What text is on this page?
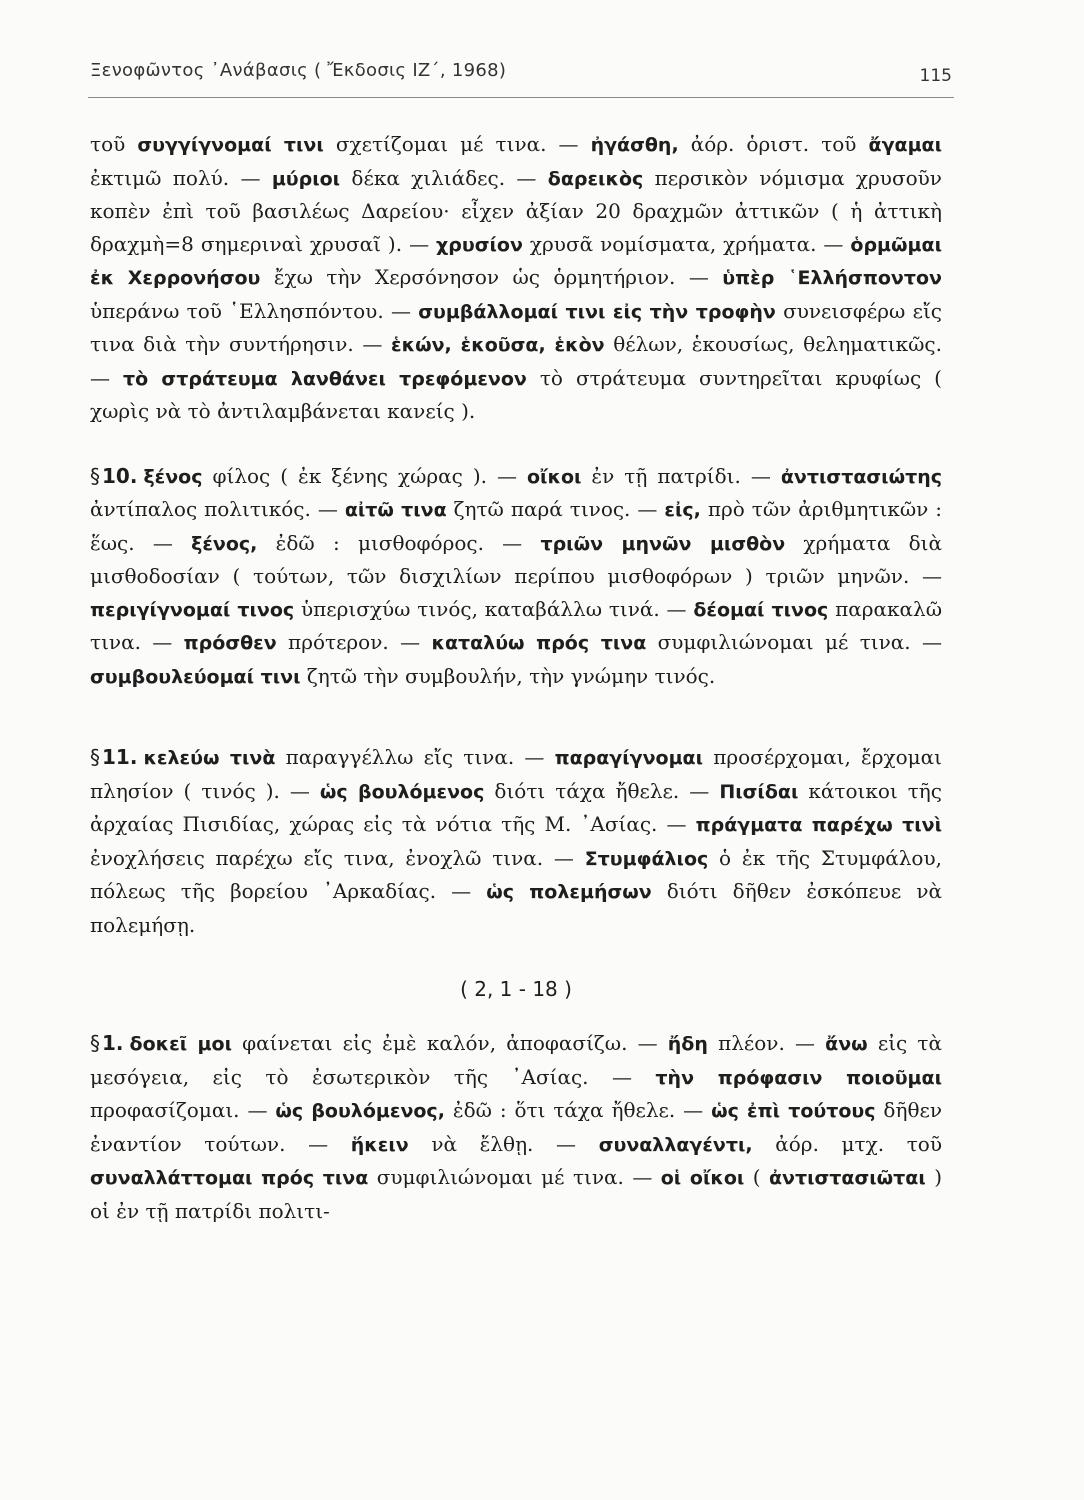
Ξενοφῶντος ᾿Ανάβασις ( Ἔκδοσις ΙΖ΄, 1968)	115

τοῦ συγγίγνομαί τινι σχετίζομαι μέ τινα. — ἠγάσθη, ἀόρ. ὁριστ. τοῦ ἄγαμαι ἐκτιμῶ πολύ. — μύριοι δέκα χιλιάδες. — δαρεικὸς περσικὸν νόμισμα χρυσοῦν κοπὲν ἐπὶ τοῦ βασιλέως Δαρείου· εἶχεν ἀξίαν 20 δραχμῶν ἀττικῶν ( ἡ ἀττικὴ δραχμὴ=8 σημεριναὶ χρυσαῖ ). — χρυσίον χρυσᾶ νομίσματα, χρήματα. — ὁρμῶμαι ἐκ Χερρονήσου ἔχω τὴν Χερσόνησον ὡς ὁρμητήριον. — ὑπὲρ ῾Ελλήσποντον ὑπεράνω τοῦ ῾Ελλησπόντου. — συμβάλλομαί τινι εἰς τὴν τροφὴν συνεισφέρω εἴς τινα διὰ τὴν συντήρησιν. — ἑκών, ἑκοῦσα, ἑκὸν θέλων, ἑκουσίως, θεληματικῶς. — τὸ στράτευμα λανθάνει τρεφόμενον τὸ στράτευμα συντηρεῖται κρυφίως ( χωρὶς νὰ τὸ ἀντιλαμβάνεται κανείς ).

§ 10. ξένος φίλος ( ἐκ ξένης χώρας ). — οἴκοι ἐν τῇ πατρίδι. — ἀντιστασιώτης ἀντίπαλος πολιτικός. — αἰτῶ τινα ζητῶ παρά τινος. — εἰς, πρὸ τῶν ἀριθμητικῶν : ἕως. — ξένος, ἐδῶ : μισθοφόρος. — τριῶν μηνῶν μισθὸν χρήματα διὰ μισθοδοσίαν ( τούτων, τῶν δισχιλίων περίπου μισθοφόρων ) τριῶν μηνῶν. — περιγίγνομαί τινος ὑπερισχύω τινός, καταβάλλω τινά. — δέομαί τινος παρακαλῶ τινα. — πρόσθεν πρότερον. — καταλύω πρός τινα συμφιλιώνομαι μέ τινα. — συμβουλεύομαί τινι ζητῶ τὴν συμβουλήν, τὴν γνώμην τινός.

§ 11. κελεύω τινὰ παραγγέλλω εἴς τινα. — παραγίγνομαι προσέρχομαι, ἔρχομαι πλησίον ( τινός ). — ὡς βουλόμενος διότι τάχα ἤθελε. — Πισίδαι κάτοικοι τῆς ἀρχαίας Πισιδίας, χώρας εἰς τὰ νότια τῆς Μ. ᾿Ασίας. — πράγματα παρέχω τινὶ ἐνοχλήσεις παρέχω εἴς τινα, ἐνοχλῶ τινα. — Στυμφάλιος ὁ ἐκ τῆς Στυμφάλου, πόλεως τῆς βορείου ᾿Αρκαδίας. — ὡς πολεμήσων διότι δῆθεν ἐσκόπευε νὰ πολεμήσῃ.

( 2, 1 - 18 )

§ 1. δοκεῖ μοι φαίνεται εἰς ἐμὲ καλόν, ἀποφασίζω. — ἤδη πλέον. — ἄνω εἰς τὰ μεσόγεια, εἰς τὸ ἐσωτερικὸν τῆς ᾿Ασίας. — τὴν πρόφασιν ποιοῦμαι προφασίζομαι. — ὡς βουλόμενος, ἐδῶ : ὅτι τάχα ἤθελε. — ὡς ἐπὶ τούτους δῆθεν ἐναντίον τούτων. — ἥκειν νὰ ἔλθῃ. — συναλλαγέντι, ἀόρ. μτχ. τοῦ συναλλάττομαι πρός τινα συμφιλιώνομαι μέ τινα. — οἱ οἴκοι ( ἀντιστασιῶται ) οἱ ἐν τῇ πατρίδι πολιτι-
